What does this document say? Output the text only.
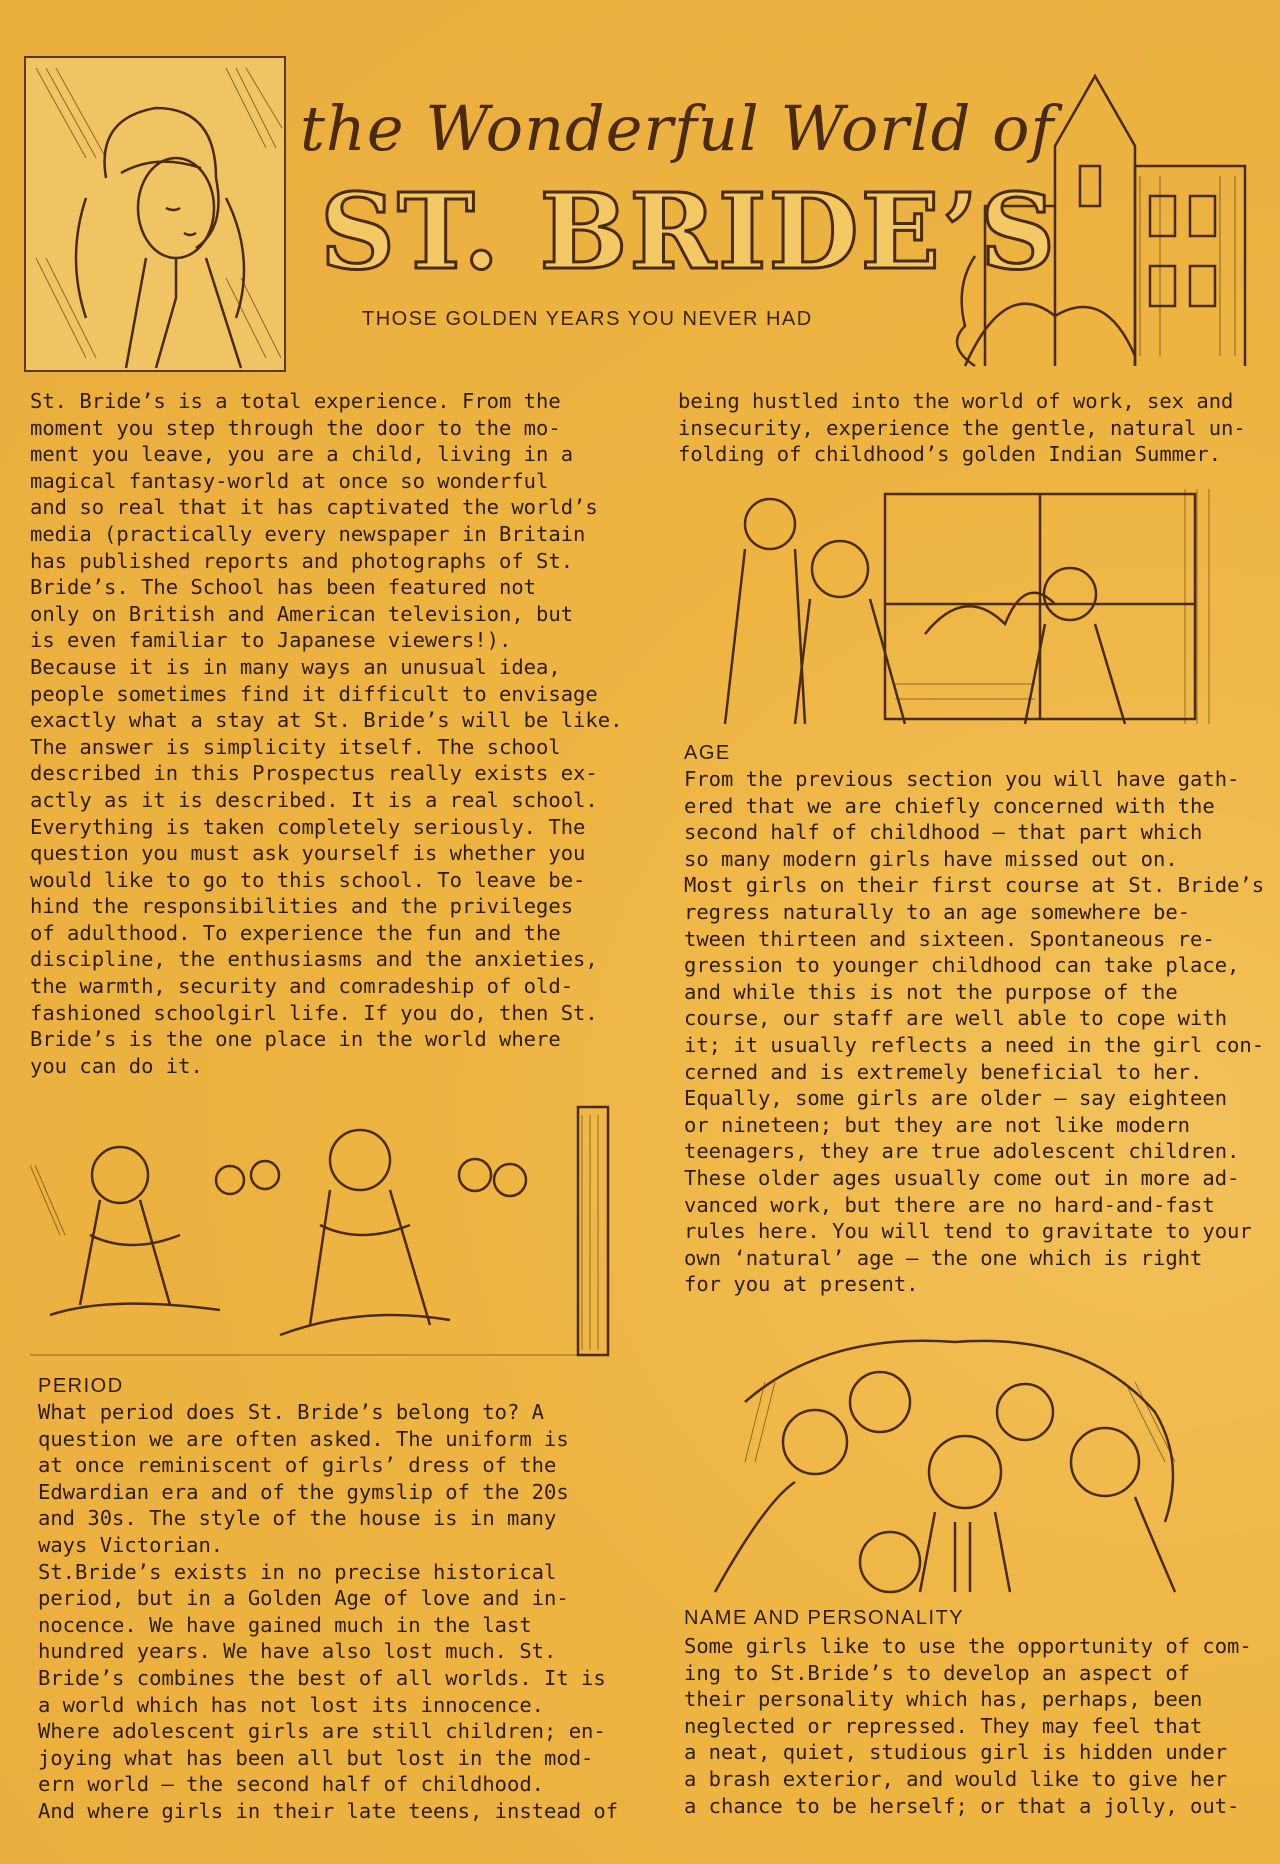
the Wonderful World of
ST. BRIDE’S
THOSE GOLDEN YEARS YOU NEVER HAD

St. Bride’s is a total experience. From the
moment you step through the door to the mo-
ment you leave, you are a child, living in a
magical fantasy-world at once so wonderful
and so real that it has captivated the world’s
media (practically every newspaper in Britain
has published reports and photographs of St.
Bride’s. The School has been featured not
only on British and American television, but
is even familiar to Japanese viewers!).

Because it is in many ways an unusual idea,
people sometimes find it difficult to envisage
exactly what a stay at St. Bride’s will be like.
The answer is simplicity itself. The school
described in this Prospectus really exists ex-
actly as it is described. It is a real school.
Everything is taken completely seriously. The
question you must ask yourself is whether you
would like to go to this school. To leave be-
hind the responsibilities and the privileges
of adulthood. To experience the fun and the
discipline, the enthusiasms and the anxieties,
the warmth, security and comradeship of old-
fashioned schoolgirl life. If you do, then St.
Bride’s is the one place in the world where
you can do it.

PERIOD

What period does St. Bride’s belong to? A
question we are often asked. The uniform is
at once reminiscent of girls’ dress of the
Edwardian era and of the gymslip of the 20s
and 30s. The style of the house is in many
ways Victorian.

St.Bride’s exists in no precise historical
period, but in a Golden Age of love and in-
nocence. We have gained much in the last
hundred years. We have also lost much. St.
Bride’s combines the best of all worlds. It is
a world which has not lost its innocence.
Where adolescent girls are still children; en-
joying what has been all but lost in the mod-
ern world — the second half of childhood.
And where girls in their late teens, instead of

being hustled into the world of work, sex and
insecurity, experience the gentle, natural un-
folding of childhood’s golden Indian Summer.

AGE

From the previous section you will have gath-
ered that we are chiefly concerned with the
second half of childhood — that part which
so many modern girls have missed out on.
Most girls on their first course at St. Bride’s
regress naturally to an age somewhere be-
tween thirteen and sixteen. Spontaneous re-
gression to younger childhood can take place,
and while this is not the purpose of the
course, our staff are well able to cope with
it; it usually reflects a need in the girl con-
cerned and is extremely beneficial to her.
Equally, some girls are older — say eighteen
or nineteen; but they are not like modern
teenagers, they are true adolescent children.
These older ages usually come out in more ad-
vanced work, but there are no hard-and-fast
rules here. You will tend to gravitate to your
own ‘natural’ age — the one which is right
for you at present.

NAME AND PERSONALITY

Some girls like to use the opportunity of com-
ing to St.Bride’s to develop an aspect of
their personality which has, perhaps, been
neglected or repressed. They may feel that
a neat, quiet, studious girl is hidden under
a brash exterior, and would like to give her
a chance to be herself; or that a jolly, out-
